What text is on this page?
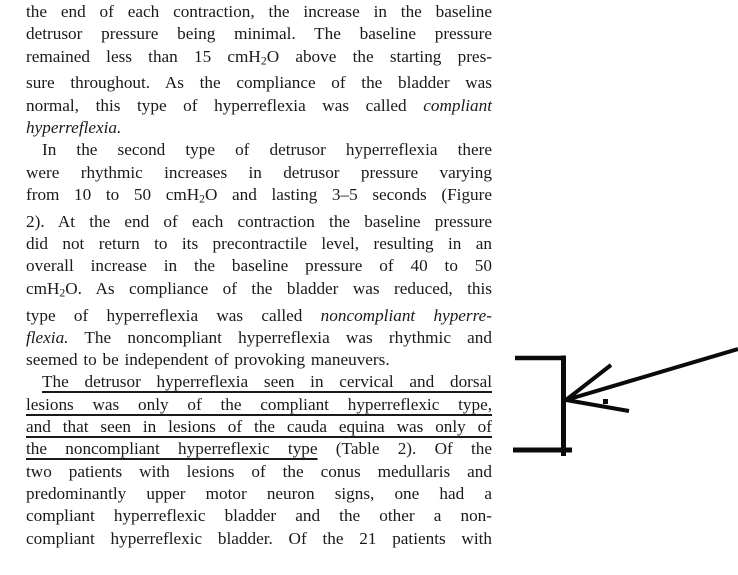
the end of each contraction, the increase in the baseline
detrusor pressure being minimal. The baseline pressure
remained less than 15 cmH2O above the starting pres-
sure throughout. As the compliance of the bladder was
normal, this type of hyperreflexia was called compliant
hyperreflexia.
In the second type of detrusor hyperreflexia there
were rhythmic increases in detrusor pressure varying
from 10 to 50 cmH2O and lasting 3–5 seconds (Figure
2). At the end of each contraction the baseline pressure
did not return to its precontractile level, resulting in an
overall increase in the baseline pressure of 40 to 50
cmH2O. As compliance of the bladder was reduced, this
type of hyperreflexia was called noncompliant hyperre-
flexia. The noncompliant hyperreflexia was rhythmic and
seemed to be independent of provoking maneuvers.
The detrusor hyperreflexia seen in cervical and dorsal
lesions was only of the compliant hyperreflexic type,
and that seen in lesions of the cauda equina was only of
the noncompliant hyperreflexic type (Table 2). Of the
two patients with lesions of the conus medullaris and
predominantly upper motor neuron signs, one had a
compliant hyperreflexic bladder and the other a non-
compliant hyperreflexic bladder. Of the 21 patients with
